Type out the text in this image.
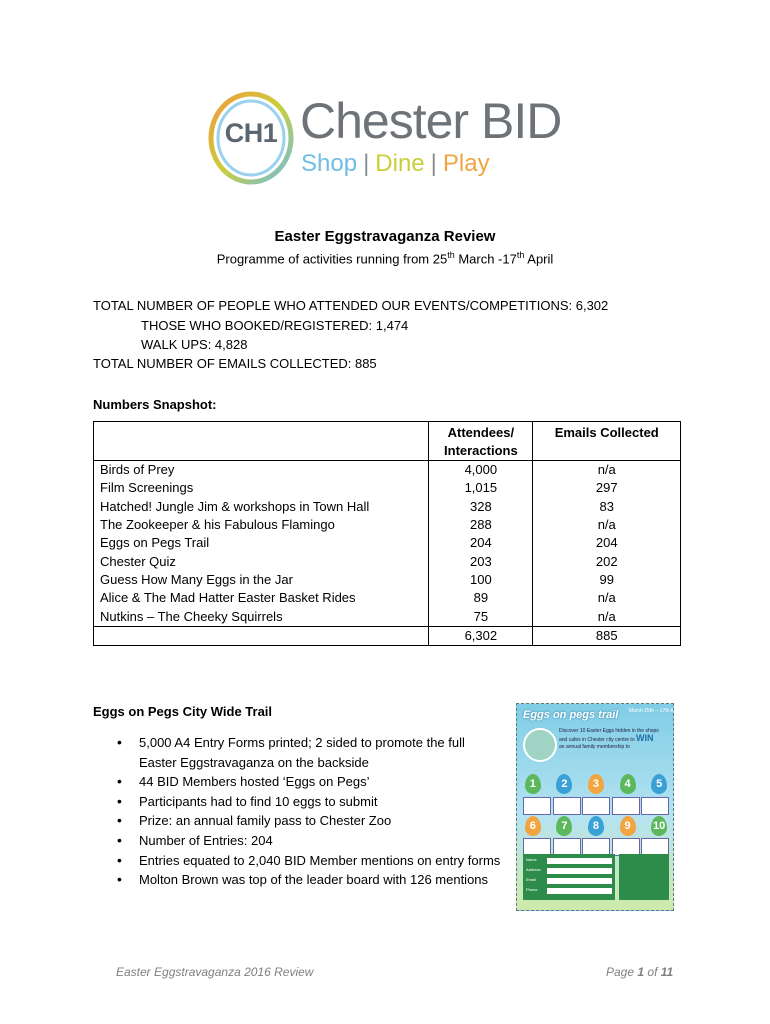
CH1 Chester BID
Shop | Dine | Play
Easter Eggstravaganza Review
Programme of activities running from 25th March -17th April
TOTAL NUMBER OF PEOPLE WHO ATTENDED OUR EVENTS/COMPETITIONS: 6,302
THOSE WHO BOOKED/REGISTERED: 1,474
WALK UPS: 4,828
TOTAL NUMBER OF EMAILS COLLECTED: 885
Numbers Snapshot:
	Attendees/ Interactions	Emails Collected
Birds of Prey	4,000	n/a
Film Screenings	1,015	297
Hatched! Jungle Jim & workshops in Town Hall	328	83
The Zookeeper & his Fabulous Flamingo	288	n/a
Eggs on Pegs Trail	204	204
Chester Quiz	203	202
Guess How Many Eggs in the Jar	100	99
Alice & The Mad Hatter Easter Basket Rides	89	n/a
Nutkins – The Cheeky Squirrels	75	n/a
	6,302	885
Eggs on Pegs City Wide Trail
• 5,000 A4 Entry Forms printed; 2 sided to promote the full Easter Eggstravaganza on the backside
• 44 BID Members hosted ‘Eggs on Pegs’
• Participants had to find 10 eggs to submit
• Prize: an annual family pass to Chester Zoo
• Number of Entries: 204
• Entries equated to 2,040 BID Member mentions on entry forms
• Molton Brown was top of the leader board with 126 mentions
Eggs on pegs trail March 25th – 17th April
Discover 10 Easter Eggs hidden in the shops and cafes in Chester city centre to WIN
an annual family membership to
1	2	3	4	5
6	7	8	9	10
Name
Address
Email
Phone
Easter Eggstravaganza 2016 Review	Page 1 of 11
